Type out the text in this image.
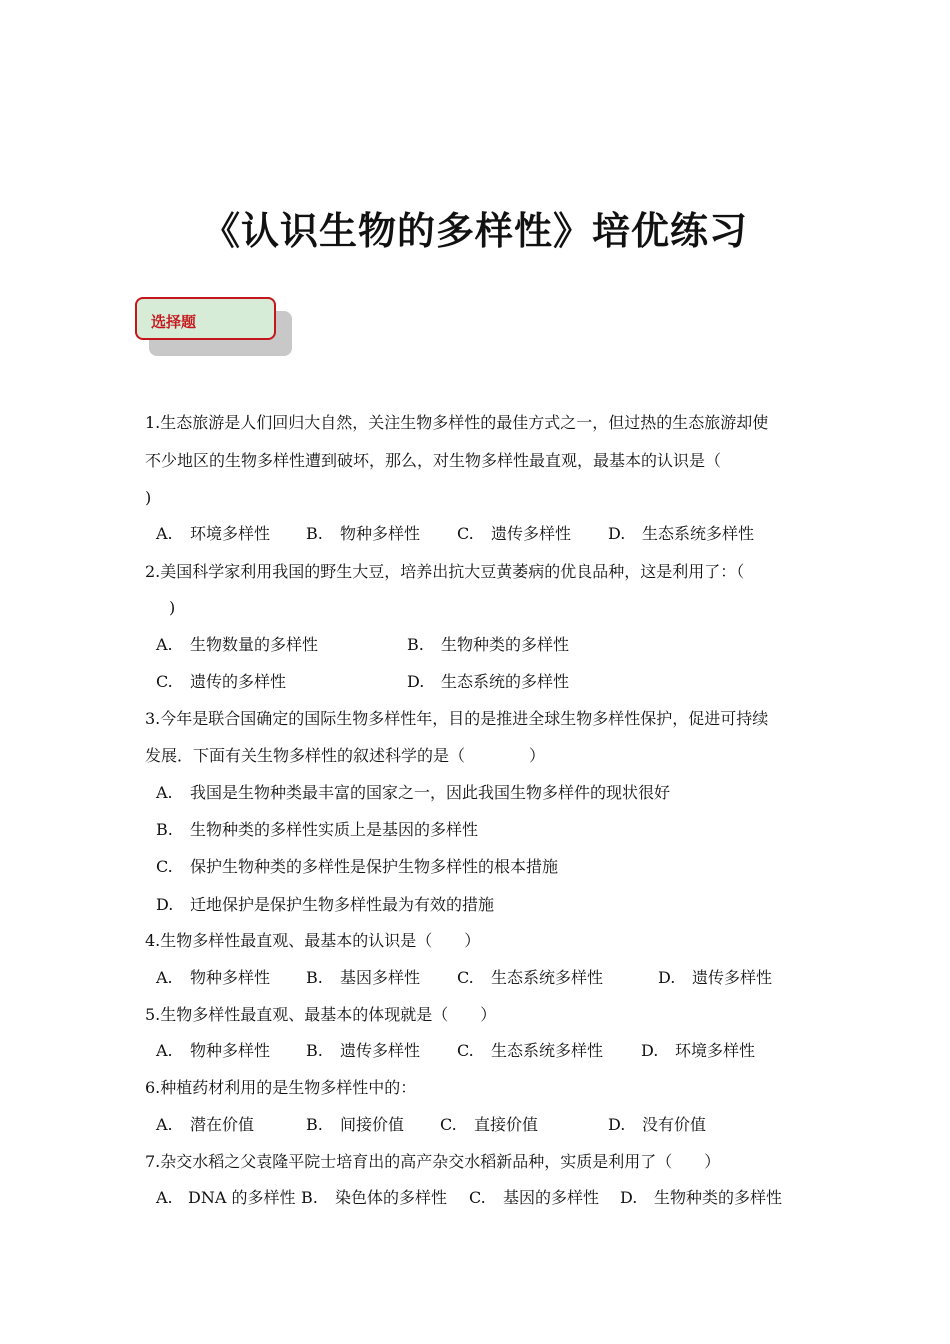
《认识生物的多样性》培优练习
选择题
1.生态旅游是人们回归大自然，关注生物多样性的最佳方式之一，但过热的生态旅游却使
不少地区的生物多样性遭到破坏，那么，对生物多样性最直观，最基本的认识是（
)
A. 环境多样性 B. 物种多样性 C. 遗传多样性 D. 生态系统多样性
2.美国科学家利用我国的野生大豆，培养出抗大豆黄萎病的优良品种，这是利用了：（
)
A. 生物数量的多样性	B. 生物种类的多样性
C. 遗传的多样性	D. 生态系统的多样性
3.今年是联合国确定的国际生物多样性年，目的是推进全球生物多样性保护，促进可持续
发展．下面有关生物多样性的叙述科学的是（　　　　）
A. 我国是生物种类最丰富的国家之一，因此我国生物多样件的现状很好
B. 生物种类的多样性实质上是基因的多样性
C. 保护生物种类的多样性是保护生物多样性的根本措施
D. 迁地保护是保护生物多样性最为有效的措施
4.生物多样性最直观、最基本的认识是（　　）
A. 物种多样性 B. 基因多样性 C. 生态系统多样性	D. 遗传多样性
5.生物多样性最直观、最基本的体现就是（　　）
A. 物种多样性 B. 遗传多样性 C. 生态系统多样性 D. 环境多样性
6.种植药材利用的是生物多样性中的：
A. 潜在价值	B. 间接价值 C. 直接价值	D. 没有价值
7.杂交水稻之父袁隆平院士培育出的高产杂交水稻新品种，实质是利用了（　　）
A. DNA 的多样性 B. 染色体的多样性 C. 基因的多样性 D. 生物种类的多样性
